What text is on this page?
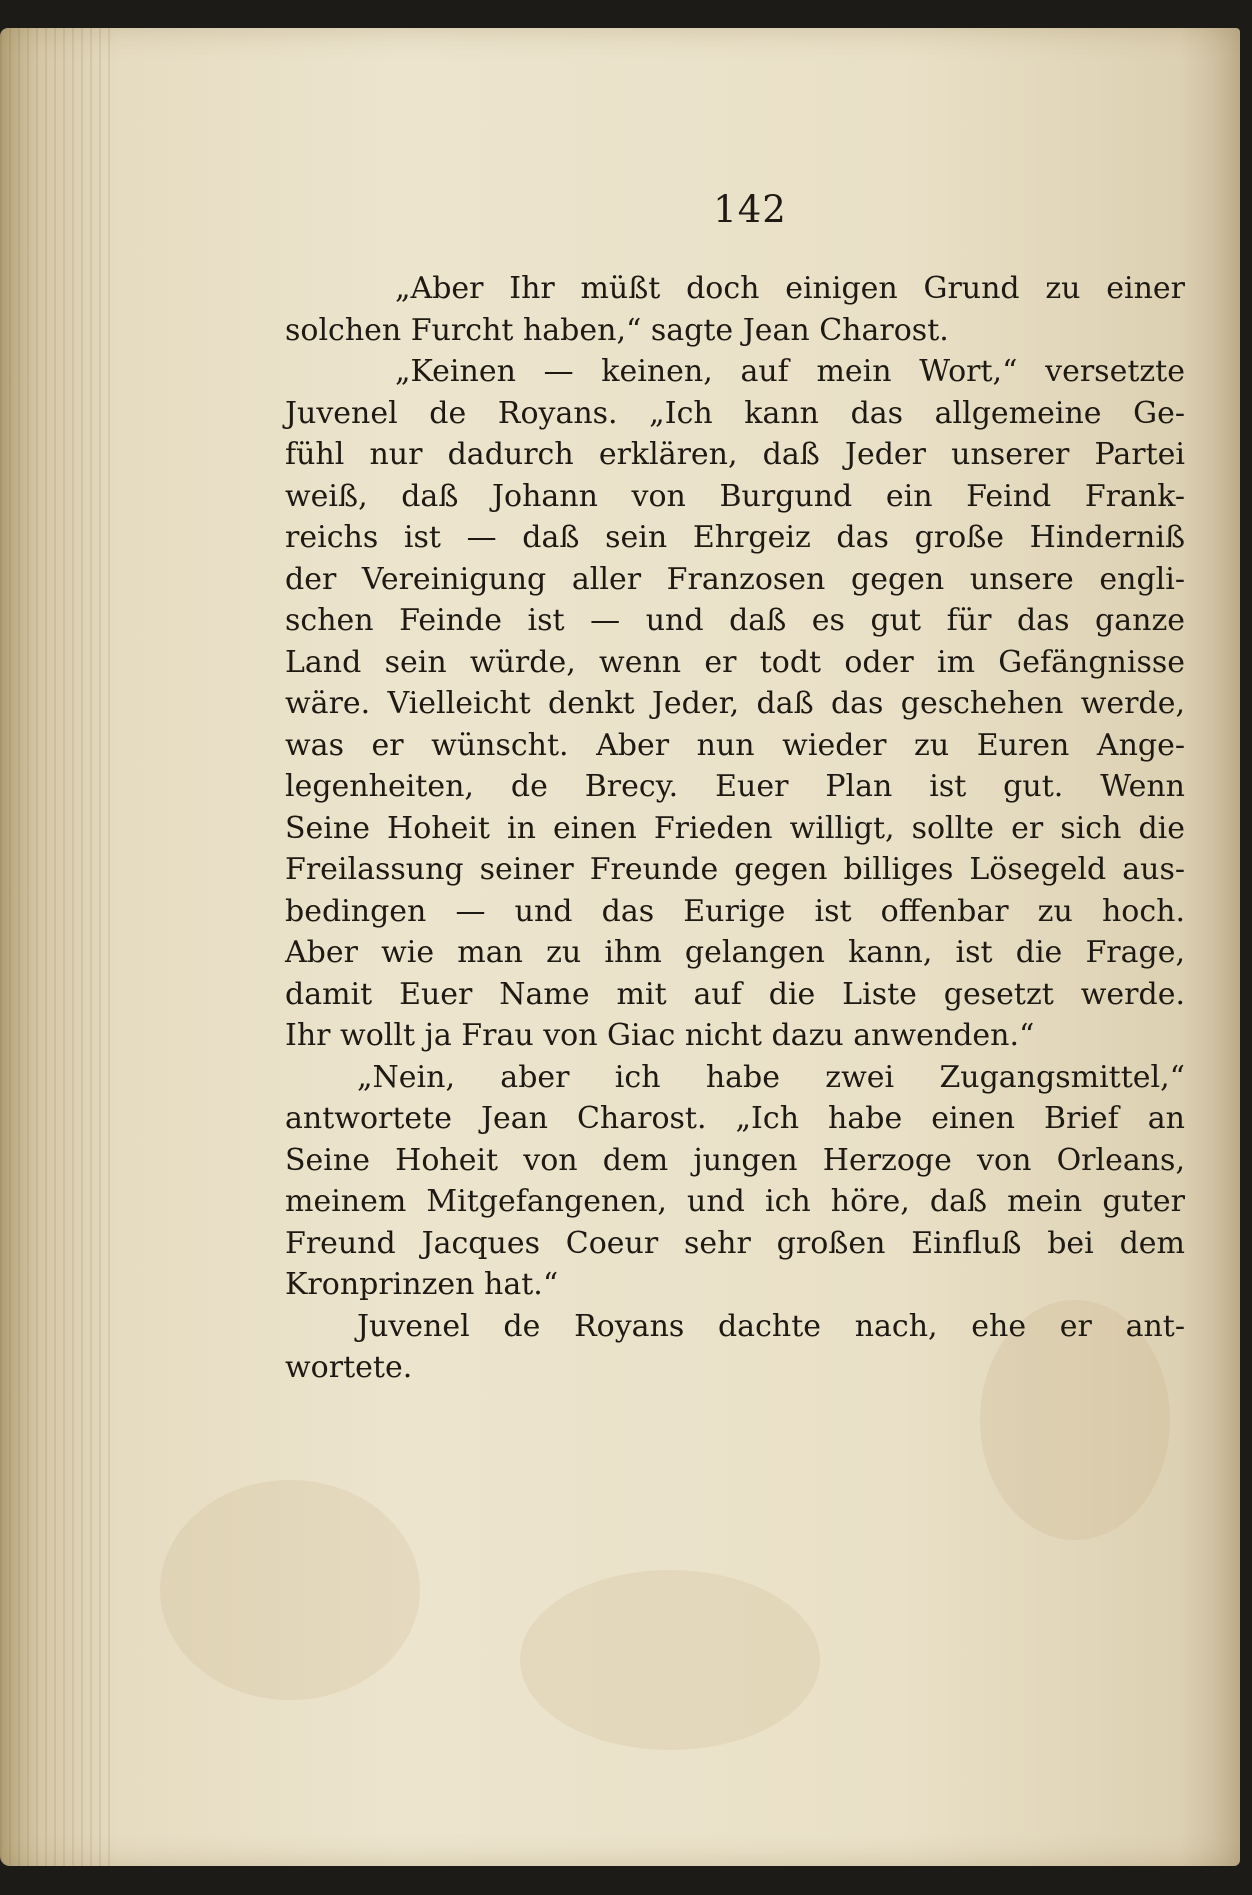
142
„Aber Ihr müßt doch einigen Grund zu einer
solchen Furcht haben,“ sagte Jean Charost.
„Keinen — keinen, auf mein Wort,“ versetzte
Juvenel de Royans. „Ich kann das allgemeine Ge-
fühl nur dadurch erklären, daß Jeder unserer Partei
weiß, daß Johann von Burgund ein Feind Frank-
reichs ist — daß sein Ehrgeiz das große Hinderniß
der Vereinigung aller Franzosen gegen unsere engli-
schen Feinde ist — und daß es gut für das ganze
Land sein würde, wenn er todt oder im Gefängnisse
wäre. Vielleicht denkt Jeder, daß das geschehen werde,
was er wünscht. Aber nun wieder zu Euren Ange-
legenheiten, de Brecy. Euer Plan ist gut. Wenn
Seine Hoheit in einen Frieden willigt, sollte er sich die
Freilassung seiner Freunde gegen billiges Lösegeld aus-
bedingen — und das Eurige ist offenbar zu hoch.
Aber wie man zu ihm gelangen kann, ist die Frage,
damit Euer Name mit auf die Liste gesetzt werde.
Ihr wollt ja Frau von Giac nicht dazu anwenden.“
„Nein, aber ich habe zwei Zugangsmittel,“
antwortete Jean Charost. „Ich habe einen Brief an
Seine Hoheit von dem jungen Herzoge von Orleans,
meinem Mitgefangenen, und ich höre, daß mein guter
Freund Jacques Coeur sehr großen Einfluß bei dem
Kronprinzen hat.“
Juvenel de Royans dachte nach, ehe er ant-
wortete.
